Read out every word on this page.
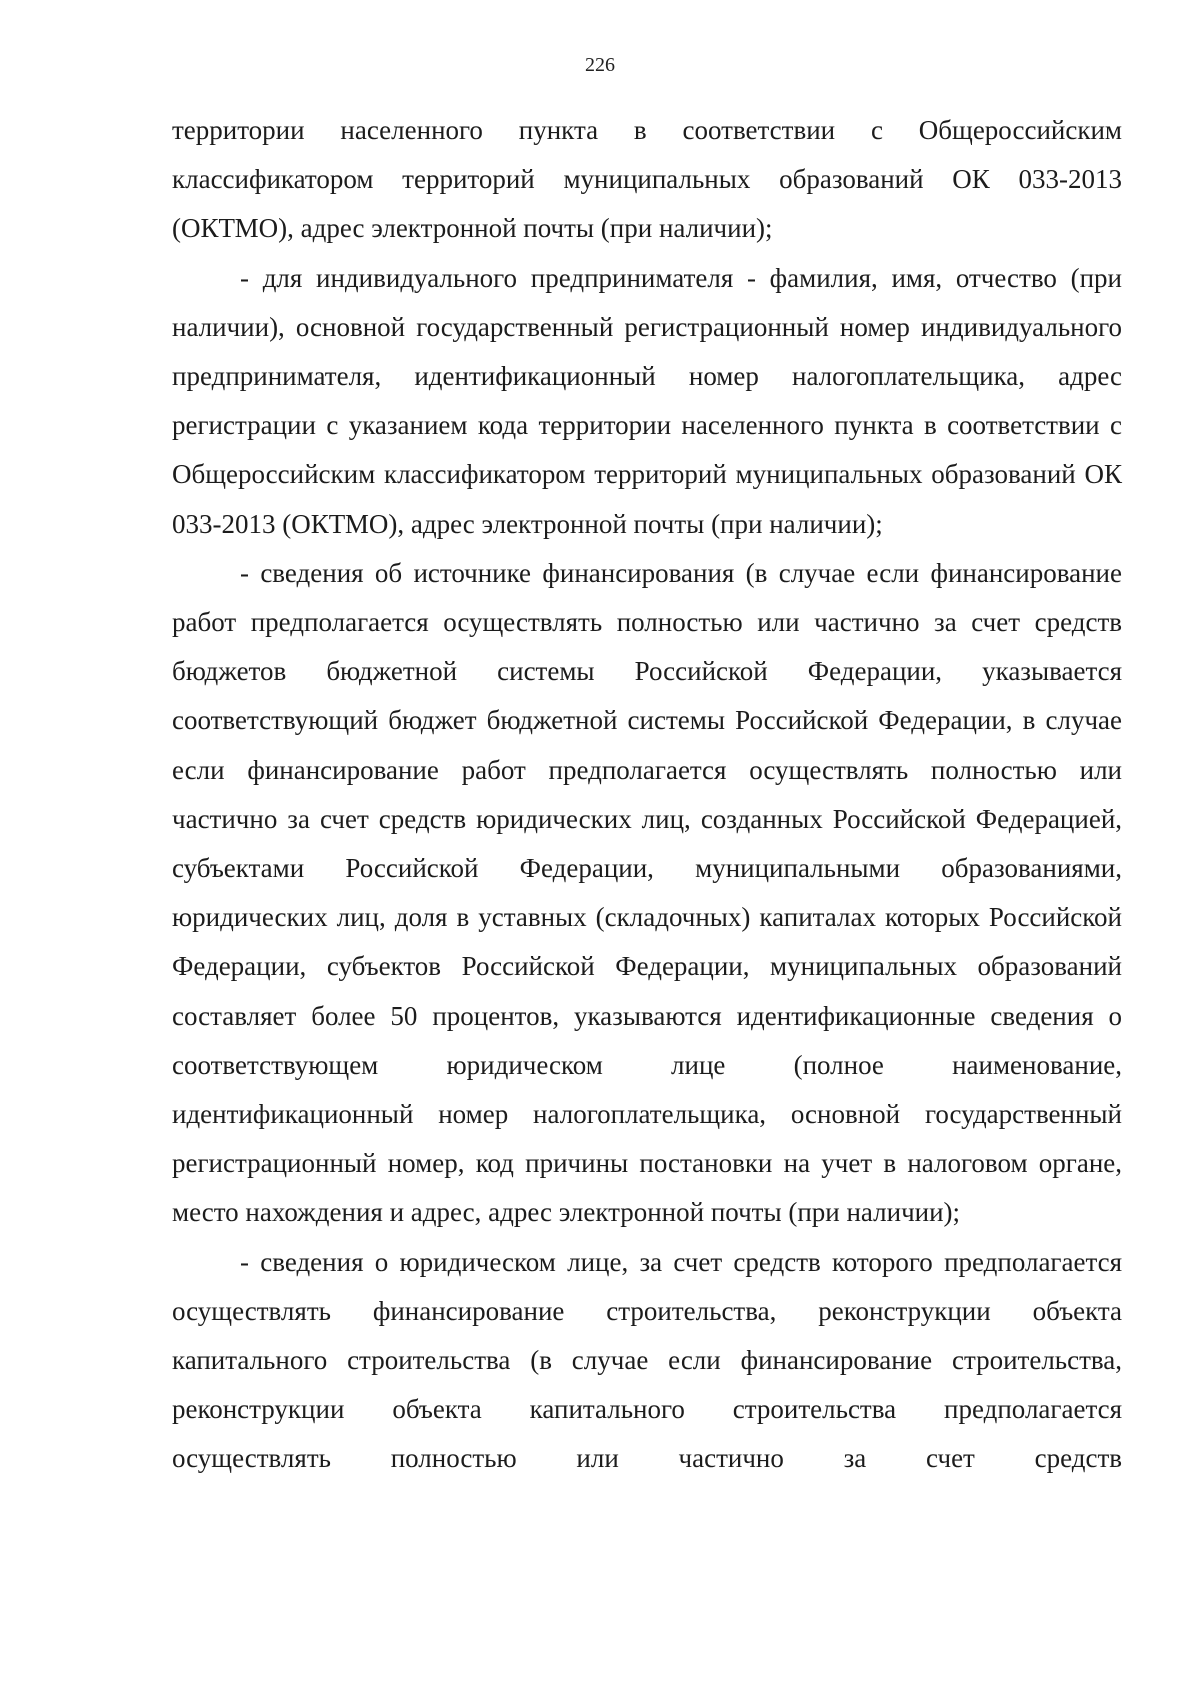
226

территории населенного пункта в соответствии с Общероссийским классификатором территорий муниципальных образований ОК 033-2013 (ОКТМО), адрес электронной почты (при наличии);

- для индивидуального предпринимателя - фамилия, имя, отчество (при наличии), основной государственный регистрационный номер индивидуального предпринимателя, идентификационный номер налогоплательщика, адрес регистрации с указанием кода территории населенного пункта в соответствии с Общероссийским классификатором территорий муниципальных образований ОК 033-2013 (ОКТМО), адрес электронной почты (при наличии);

- сведения об источнике финансирования (в случае если финансирование работ предполагается осуществлять полностью или частично за счет средств бюджетов бюджетной системы Российской Федерации, указывается соответствующий бюджет бюджетной системы Российской Федерации, в случае если финансирование работ предполагается осуществлять полностью или частично за счет средств юридических лиц, созданных Российской Федерацией, субъектами Российской Федерации, муниципальными образованиями, юридических лиц, доля в уставных (складочных) капиталах которых Российской Федерации, субъектов Российской Федерации, муниципальных образований составляет более 50 процентов, указываются идентификационные сведения о соответствующем	юридическом лице (полное наименование, идентификационный номер налогоплательщика, основной государственный регистрационный номер, код причины постановки на учет в налоговом органе, место нахождения и адрес, адрес электронной почты (при наличии);

- сведения о юридическом лице, за счет средств которого предполагается осуществлять финансирование строительства, реконструкции объекта капитального строительства (в случае если финансирование строительства, реконструкции объекта капитального строительства предполагается осуществлять полностью или частично за счет средств
